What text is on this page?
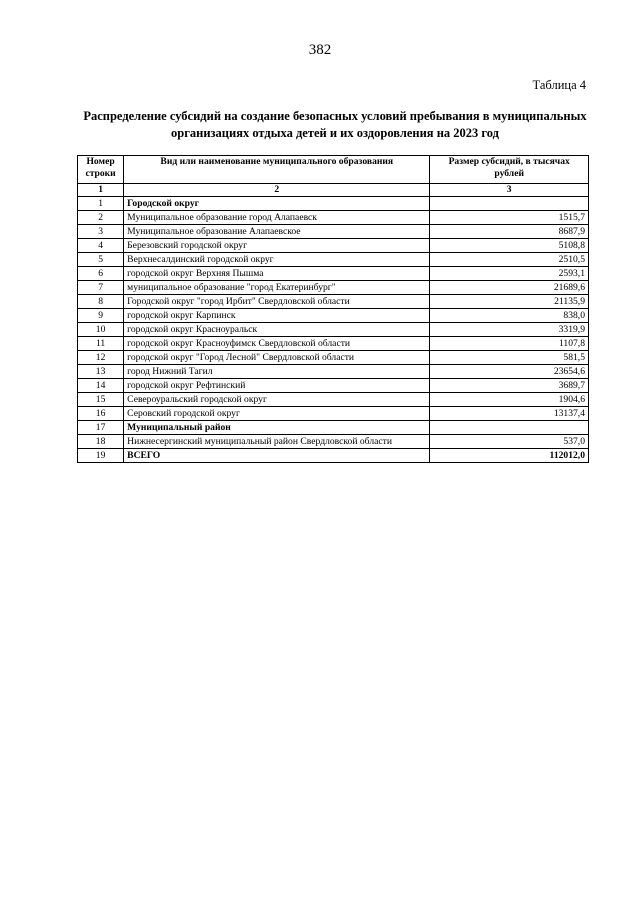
382
Таблица 4
Распределение субсидий на создание безопасных условий пребывания в муниципальных организациях отдыха детей и их оздоровления на 2023 год
Номер строки	Вид или наименование муниципального образования	Размер субсидий, в тысячах рублей
1	2	3
1	Городской округ	
2	Муниципальное образование город Алапаевск	1515,7
3	Муниципальное образование Алапаевское	8687,9
4	Березовский городской округ	5108,8
5	Верхнесалдинский городской округ	2510,5
6	городской округ Верхняя Пышма	2593,1
7	муниципальное образование "город Екатеринбург"	21689,6
8	Городской округ "город Ирбит" Свердловской области	21135,9
9	городской округ Карпинск	838,0
10	городской округ Красноуральск	3319,9
11	городской округ Красноуфимск Свердловской области	1107,8
12	городской округ "Город Лесной" Свердловской области	581,5
13	город Нижний Тагил	23654,6
14	городской округ Рефтинский	3689,7
15	Североуральский городской округ	1904,6
16	Серовский городской округ	13137,4
17	Муниципальный район	
18	Нижнесергинский муниципальный район Свердловской области	537,0
19	ВСЕГО	112012,0
